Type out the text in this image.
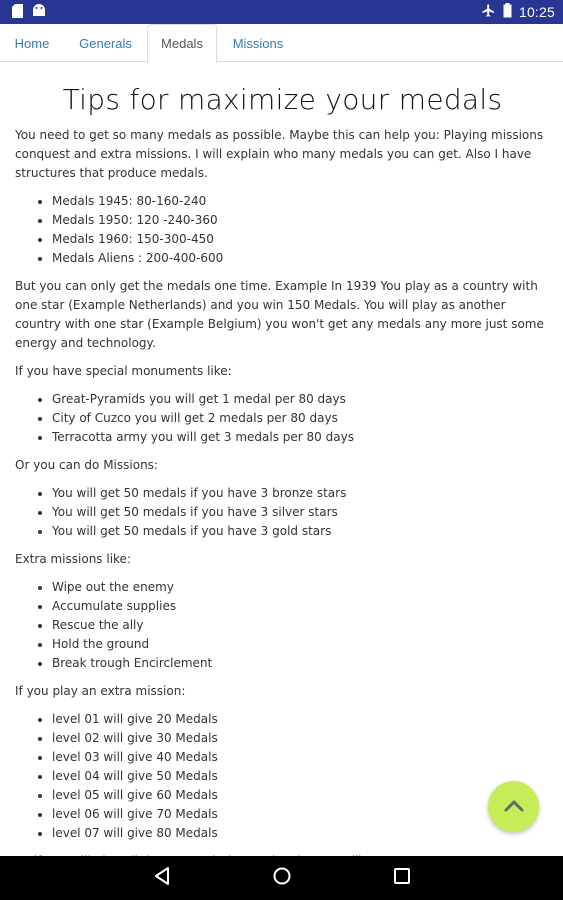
10:25
Home	Generals	Medals	Missions
Tips for maximize your medals

You need to get so many medals as possible. Maybe this can help you: Playing missions conquest and extra missions. I will explain who many medals you can get. Also I have structures that produce medals.

• Medals 1945: 80-160-240
• Medals 1950: 120 -240-360
• Medals 1960: 150-300-450
• Medals Aliens : 200-400-600

But you can only get the medals one time. Example In 1939 You play as a country with one star (Example Netherlands) and you win 150 Medals. You will play as another country with one star (Example Belgium) you won't get any medals any more just some energy and technology.

If you have special monuments like:

• Great-Pyramids you will get 1 medal per 80 days
• City of Cuzco you will get 2 medals per 80 days
• Terracotta army you will get 3 medals per 80 days

Or you can do Missions:

• You will get 50 medals if you have 3 bronze stars
• You will get 50 medals if you have 3 silver stars
• You will get 50 medals if you have 3 gold stars

Extra missions like:

• Wipe out the enemy
• Accumulate supplies
• Rescue the ally
• Hold the ground
• Break trough Encirclement

If you play an extra mission:

• level 01 will give 20 Medals
• level 02 will give 30 Medals
• level 03 will give 40 Medals
• level 04 will give 50 Medals
• level 05 will give 60 Medals
• level 06 will give 70 Medals
• level 07 will give 80 Medals
